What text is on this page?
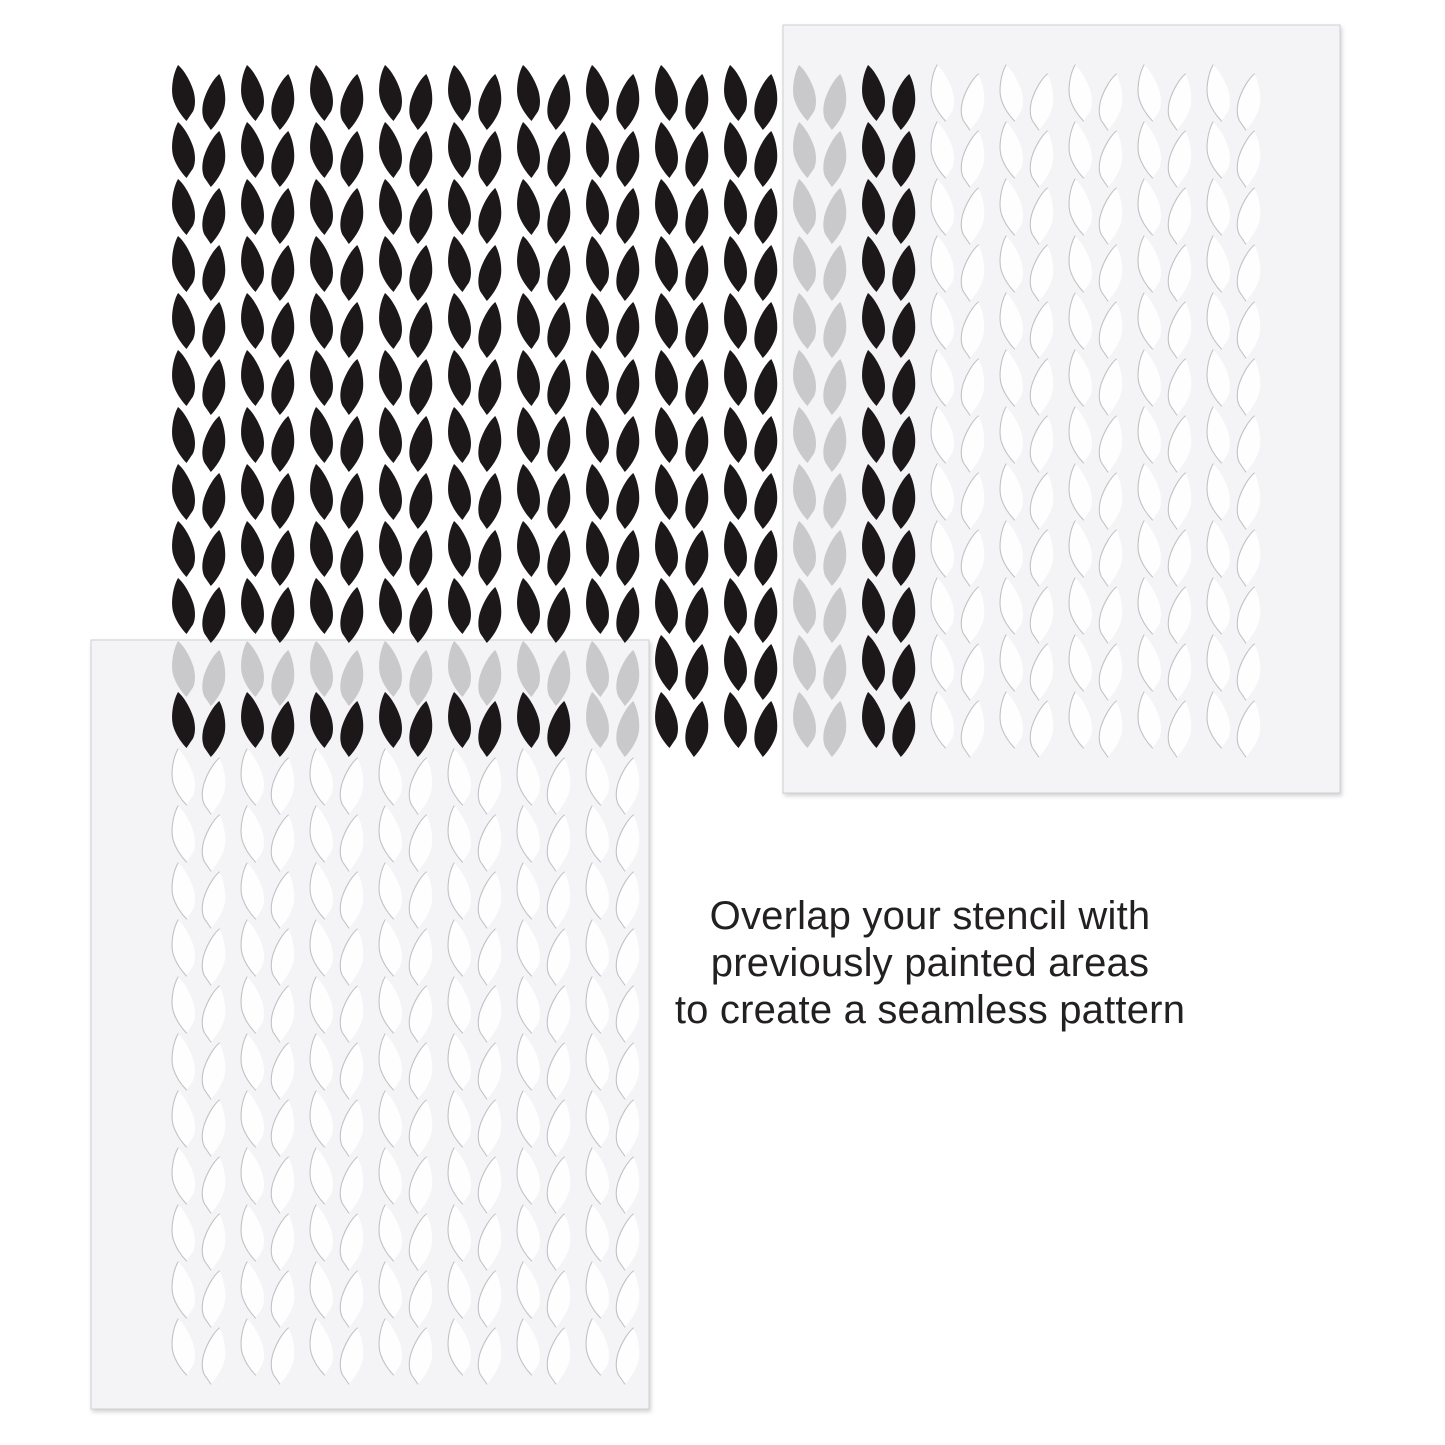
Overlap your stencil with
previously painted areas
to create a seamless pattern
